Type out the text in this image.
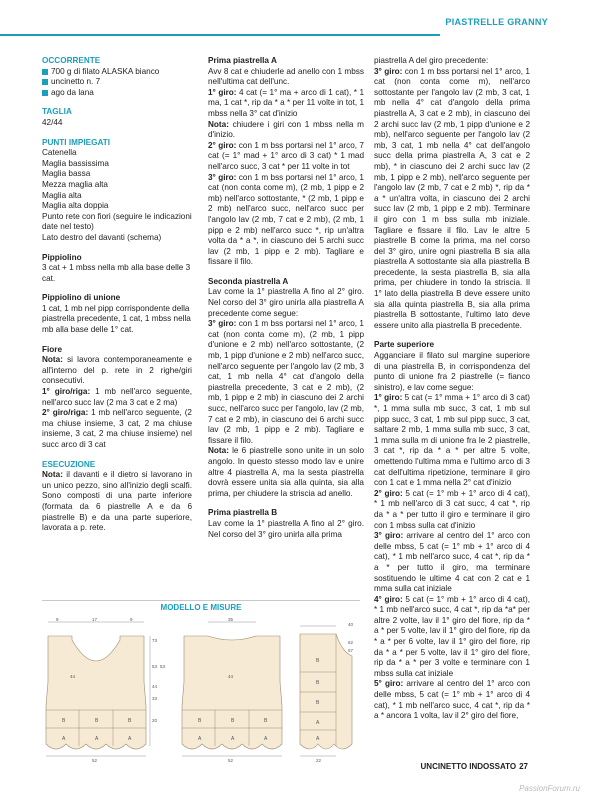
PIASTRELLE GRANNY

OCCORRENTE

700 g di filato ALASKA bianco

uncinetto n. 7

ago da lana

TAGLIA

42/44

PUNTI IMPIEGATI

Catenella

Maglia bassissima

Maglia bassa

Mezza maglia alta

Maglia alta

Maglia alta doppia

Punto rete con fiori (seguire le indicazioni date nel testo)

Lato destro del davanti (schema)

Pippiolino

3 cat + 1 mbss nella mb alla base delle 3 cat.

Pippiolino di unione

1 cat, 1 mb nel pipp corrispondente della piastrella precedente, 1 cat, 1 mbss nella mb alla base delle 1° cat.

Fiore

Nota: si lavora contemporaneamente e all'interno del p. rete in 2 righe/giri consecutivi.

1° giro/riga: 1 mb nell'arco seguente, nell'arco succ lav (2 ma 3 cat e 2 ma)

2° giro/riga: 1 mb nell'arco seguente, (2 ma chiuse insieme, 3 cat, 2 ma chiuse insieme, 3 cat, 2 ma chiuse insieme) nel succ arco di 3 cat

ESECUZIONE

Nota: il davanti e il dietro si lavorano in un unico pezzo, sino all'inizio degli scalfi. Sono composti di una parte inferiore (formata da 6 piastrelle A e da 6 piastrelle B) e da una parte superiore, lavorata a p. rete.

Prima piastrella A

Avv 8 cat e chiuderle ad anello con 1 mbss nell'ultima cat dell'unc.

1° giro: 4 cat (= 1° ma + arco di 1 cat), * 1 ma, 1 cat *, rip da * a * per 11 volte in tot, 1 mbss nella 3° cat d'inizio

Nota: chiudere i giri con 1 mbss nella m d'inizio.

2° giro: con 1 m bss portarsi nel 1° arco, 7 cat (= 1° mad + 1° arco di 3 cat) * 1 mad nell'arco succ, 3 cat * per 11 volte in tot

3° giro: con 1 m bss portarsi nel 1° arco, 1 cat (non conta come m), (2 mb, 1 pipp e 2 mb) nell'arco sottostante, * (2 mb, 1 pipp e 2 mb) nell'arco succ, nell'arco succ per l'angolo lav (2 mb, 7 cat e 2 mb), (2 mb, 1 pipp e 2 mb) nell'arco succ *, rip un'altra volta da * a *, in ciascuno dei 5 archi succ lav (2 mb, 1 pipp e 2 mb). Tagliare e fissare il filo.

Seconda piastrella A

Lav come la 1° piastrella A fino al 2° giro. Nel corso del 3° giro unirla alla piastrella A precedente come segue:

3° giro: con 1 m bss portarsi nel 1° arco, 1 cat (non conta come m), (2 mb, 1 pipp d'unione e 2 mb) nell'arco sottostante, (2 mb, 1 pipp d'unione e 2 mb) nell'arco succ, nell'arco seguente per l'angolo lav (2 mb, 3 cat, 1 mb nella 4° cat d'angolo della piastrella precedente, 3 cat e 2 mb), (2 mb, 1 pipp e 2 mb) in ciascuno dei 2 archi succ, nell'arco succ per l'angolo, lav (2 mb, 7 cat e 2 mb), in ciascuno dei 6 archi succ lav (2 mb, 1 pipp e 2 mb). Tagliare e fissare il filo.

Nota: le 6 piastrelle sono unite in un solo angolo. In questo stesso modo lav e unire altre 4 piastrella A, ma la sesta piastrella dovrà essere unita sia alla quinta, sia alla prima, per chiudere la striscia ad anello.

Prima piastrella B

Lav come la 1° piastrella A fino al 2° giro. Nel corso del 3° giro unirla alla prima

piastrella A del giro precedente:

3° giro: con 1 m bss portarsi nel 1° arco, 1 cat (non conta come m), nell'arco sottostante per l'angolo lav (2 mb, 3 cat, 1 mb nella 4° cat d'angolo della prima piastrella A, 3 cat e 2 mb), in ciascuno dei 2 archi succ lav (2 mb, 1 pipp d'unione e 2 mb), nell'arco seguente per l'angolo lav (2 mb, 3 cat, 1 mb nella 4° cat dell'angolo succ della prima piastrella A, 3 cat e 2 mb), * in ciascuno dei 2 archi succ lav (2 mb, 1 pipp e 2 mb), nell'arco seguente per l'angolo lav (2 mb, 7 cat e 2 mb) *, rip da * a * un'altra volta, in ciascuno dei 2 archi succ lav (2 mb, 1 pipp e 2 mb). Terminare il giro con 1 m bss sulla mb iniziale. Tagliare e fissare il filo. Lav le altre 5 piastrelle B come la prima, ma nel corso del 3° giro, unire ogni piastrella B sia alla piastrella A sottostante sia alla piastrella B precedente, la sesta piastrella B, sia alla prima, per chiudere in tondo la striscia. Il 1° lato della piastrella B deve essere unito sia alla quinta piastrella B, sia alla prima piastrella B sottostante, l'ultimo lato deve essere unito alla piastrella B precedente.

Parte superiore

Agganciare il filato sul margine superiore di una piastrella B, in corrispondenza del punto di unione fra 2 piastrelle (= fianco sinistro), e lav come segue:

1° giro: 5 cat (= 1° mma + 1° arco di 3 cat) *, 1 mma sulla mb succ, 3 cat, 1 mb sul pipp succ, 3 cat, 1 mb sul pipp succ, 3 cat, saltare 2 mb, 1 mma sulla mb succ, 3 cat, 1 mma sulla m di unione fra le 2 piastrelle, 3 cat *, rip da * a * per altre 5 volte, omettendo l'ultima mma e l'ultimo arco di 3 cat dell'ultima ripetizione, terminare il giro con 1 cat e 1 mma nella 2° cat d'inizio

2° giro: 5 cat (= 1° mb + 1° arco di 4 cat), * 1 mb nell'arco di 3 cat succ, 4 cat *, rip da * a * per tutto il giro e terminare il giro con 1 mbss sulla cat d'inizio

3° giro: arrivare al centro del 1° arco con delle mbss, 5 cat (= 1° mb + 1° arco di 4 cat), * 1 mb nell'arco succ, 4 cat *, rip da * a * per tutto il giro, ma terminare sostituendo le ultime 4 cat con 2 cat e 1 mma sulla cat iniziale

4° giro: 5 cat (= 1° mb + 1° arco di 4 cat), * 1 mb nell'arco succ, 4 cat *, rip da *a* per altre 2 volte, lav il 1° giro del fiore, rip da * a * per 5 volte, lav il 1° giro del fiore, rip da * a * per 6 volte, lav il 1° giro del fiore, rip da * a * per 5 volte, lav il 1° giro del fiore, rip da * a * per 3 volte e terminare con 1 mbss sulla cat iniziale

5° giro: arrivare al centro del 1° arco con delle mbss, 5 cat (= 1° mb + 1° arco di 4 cat), * 1 mb nell'arco succ, 4 cat *, rip da * a * ancora 1 volta, lav il 2° giro del fiore,

MODELLO E MISURE
B	B	B
A	A	A
9	17	9
73
44
53
44
33
20
52
B	B	B
A	A	A
35
53
44
52
B
B
B
A
A
40
62
57
22
UNCINETTO INDOSSATO 27
PassionForum.ru
